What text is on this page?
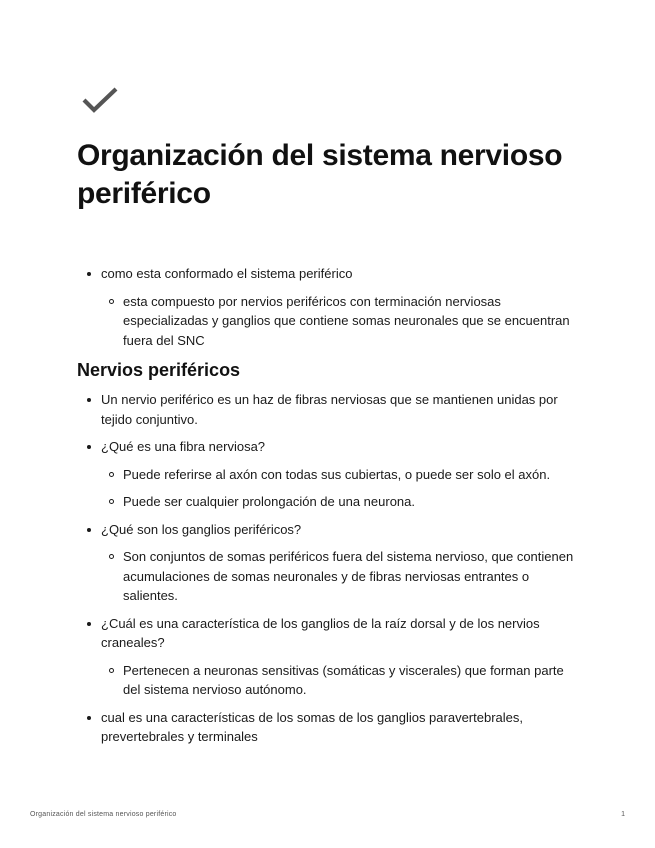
Organización del sistema nervioso periférico
como esta conformado el sistema periférico
esta compuesto por nervios periféricos con terminación nerviosas especializadas y ganglios que contiene somas neuronales que se encuentran fuera del SNC
Nervios periféricos
Un nervio periférico es un haz de fibras nerviosas que se mantienen unidas por tejido conjuntivo.
¿Qué es una fibra nerviosa?
Puede referirse al axón con todas sus cubiertas, o puede ser solo el axón.
Puede ser cualquier prolongación de una neurona.
¿Qué son los ganglios periféricos?
Son conjuntos de somas periféricos fuera del sistema nervioso, que contienen acumulaciones de somas neuronales y de fibras nerviosas entrantes o salientes.
¿Cuál es una característica de los ganglios de la raíz dorsal y de los nervios craneales?
Pertenecen a neuronas sensitivas (somáticas y viscerales) que forman parte del sistema nervioso autónomo.
cual es una características de los somas de los ganglios paravertebrales, prevertebrales y terminales
Organización del sistema nervioso periférico	1
